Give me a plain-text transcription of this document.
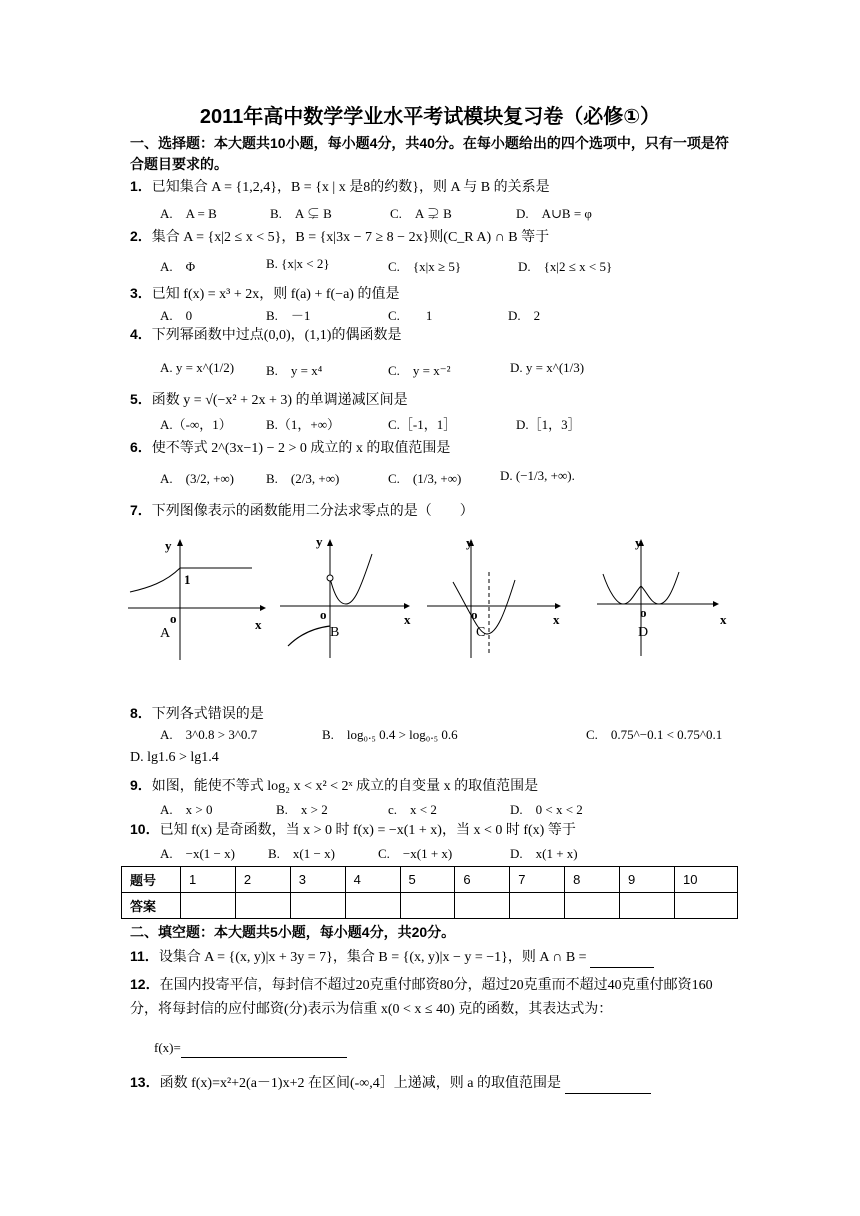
2011年高中数学学业水平考试模块复习卷（必修①）
一、选择题：本大题共10小题，每小题4分，共40分。在每小题给出的四个选项中，只有一项是符合题目要求的。
1．已知集合 A = {1,2,4}，B = {x | x 是8的约数}，则 A 与 B 的关系是
A.　A = B	B.　A ⊊ B	C.　A ⊋ B	D.　A∪B = φ
2．集合 A = {x|2 ≤ x < 5}，B = {x|3x − 7 ≥ 8 − 2x}则(C_R A) ∩ B 等于
A.　Φ	B. {x|x < 2}	C.　{x|x ≥ 5}	D.　{x|2 ≤ x < 5}
3．已知 f(x) = x³ + 2x，则 f(a) + f(−a) 的值是
A.　0	B.　－1	C.　　1	D.　2
4．下列幂函数中过点(0,0)，(1,1)的偶函数是
A. y = x^(1/2) B.　y = x⁴	C.　y = x⁻²	D. y = x^(1/3)
5．函数 y = √(−x² + 2x + 3) 的单调递减区间是
A.（-∞，1）	B.（1，+∞）	C.［-1，1］	D.［1，3］
6．使不等式 2^(3x−1) − 2 > 0 成立的 x 的取值范围是
A.　(3/2, +∞) B.　(2/3, +∞)	C.　(1/3, +∞)	D. (−1/3, +∞).
7．下列图像表示的函数能用二分法求零点的是（　　）
y
1
o	x
A
y
o	x
B
y
o	x
C
y
o	x
D
8．下列各式错误的是
A.　3^0.8 > 3^0.7	B.　log₀.₅ 0.4 > log₀.₅ 0.6	C.　0.75^−0.1 < 0.75^0.1
D. lg1.6 > lg1.4
9．如图，能使不等式 log₂ x < x² < 2ˣ 成立的自变量 x 的取值范围是
A.　x > 0	B.　x > 2	c.　x < 2	D.　0 < x < 2
10．已知 f(x) 是奇函数，当 x > 0 时 f(x) = −x(1 + x)，当 x < 0 时 f(x) 等于
A.　−x(1 − x)	B.　x(1 − x)	C.　−x(1 + x)	D.　x(1 + x)
题号	1	2	3	4	5	6	7	8	9	10
答案										
二、填空题：本大题共5小题，每小题4分，共20分。
11．设集合 A = {(x, y)|x + 3y = 7}，集合 B = {(x, y)|x − y = −1}，则 A ∩ B =
12．在国内投寄平信，每封信不超过20克重付邮资80分，超过20克重而不超过40克重付邮资160分，将每封信的应付邮资(分)表示为信重 x(0 < x ≤ 40) 克的函数，其表达式为：
f(x)=
13．函数 f(x)=x²+2(a－1)x+2 在区间(-∞,4］上递减，则 a 的取值范围是
